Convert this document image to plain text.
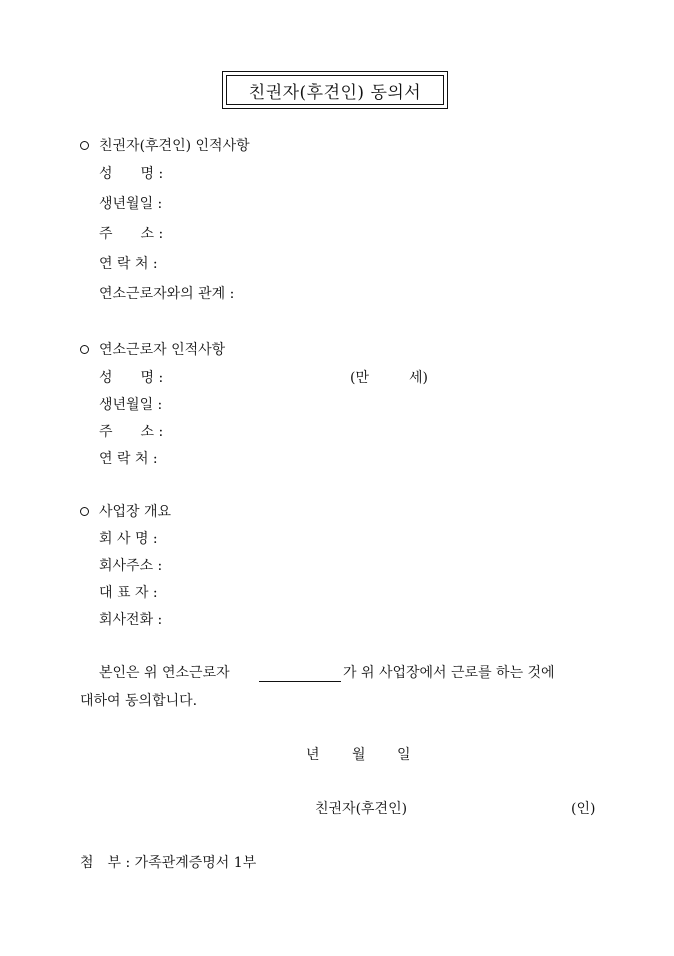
친권자(후견인) 동의서
친권자(후견인) 인적사항
성　　명 :
생년월일 :
주　　소 :
연 락 처 :
연소근로자와의 관계 :
연소근로자 인적사항
성　　명 :	(만	세)
생년월일 :
주　　소 :
연 락 처 :
사업장 개요
회 사 명 :
회사주소 :
대 표 자 :
회사전화 :
본인은 위 연소근로자	가 위 사업장에서 근로를 하는 것에
대하여 동의합니다.
년 월 일
친권자(후견인)	(인)
첨　부 : 가족관계증명서 1부
